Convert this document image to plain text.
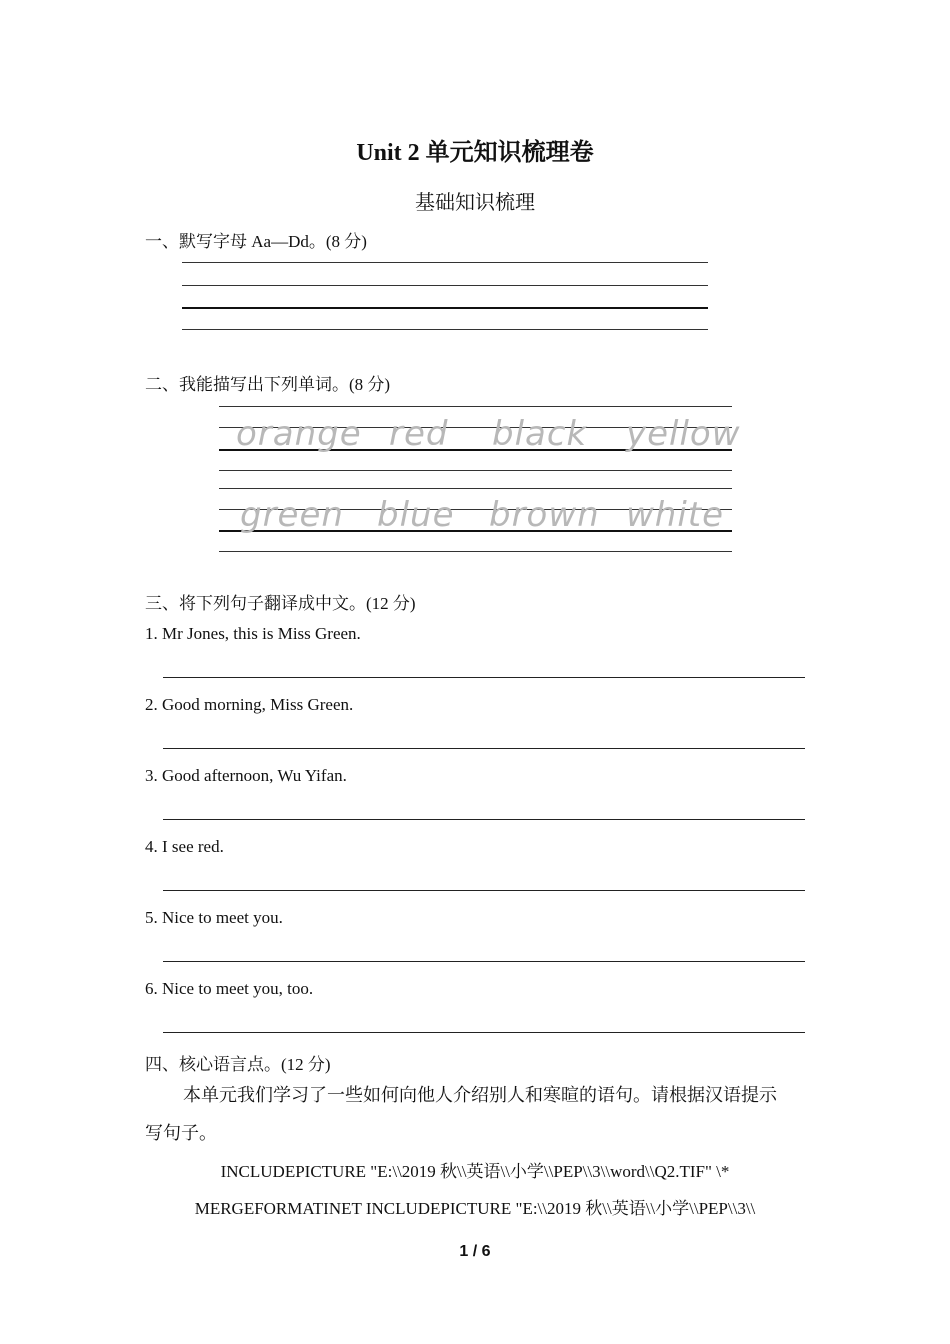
Unit 2 单元知识梳理卷
基础知识梳理
一、默写字母 Aa—Dd。(8 分)
二、我能描写出下列单词。(8 分)
orange red black yellow
green blue brown white
三、将下列句子翻译成中文。(12 分)
1. Mr Jones, this is Miss Green.
2. Good morning, Miss Green.
3. Good afternoon, Wu Yifan.
4. I see red.
5. Nice to meet you.
6. Nice to meet you, too.
四、核心语言点。(12 分)
本单元我们学习了一些如何向他人介绍别人和寒暄的语句。请根据汉语提示
写句子。
INCLUDEPICTURE "E:\\2019 秋\\英语\\小学\\PEP\\3\\word\\Q2.TIF" \*
MERGEFORMATINET INCLUDEPICTURE "E:\\2019 秋\\英语\\小学\\PEP\\3\\
1 / 6
